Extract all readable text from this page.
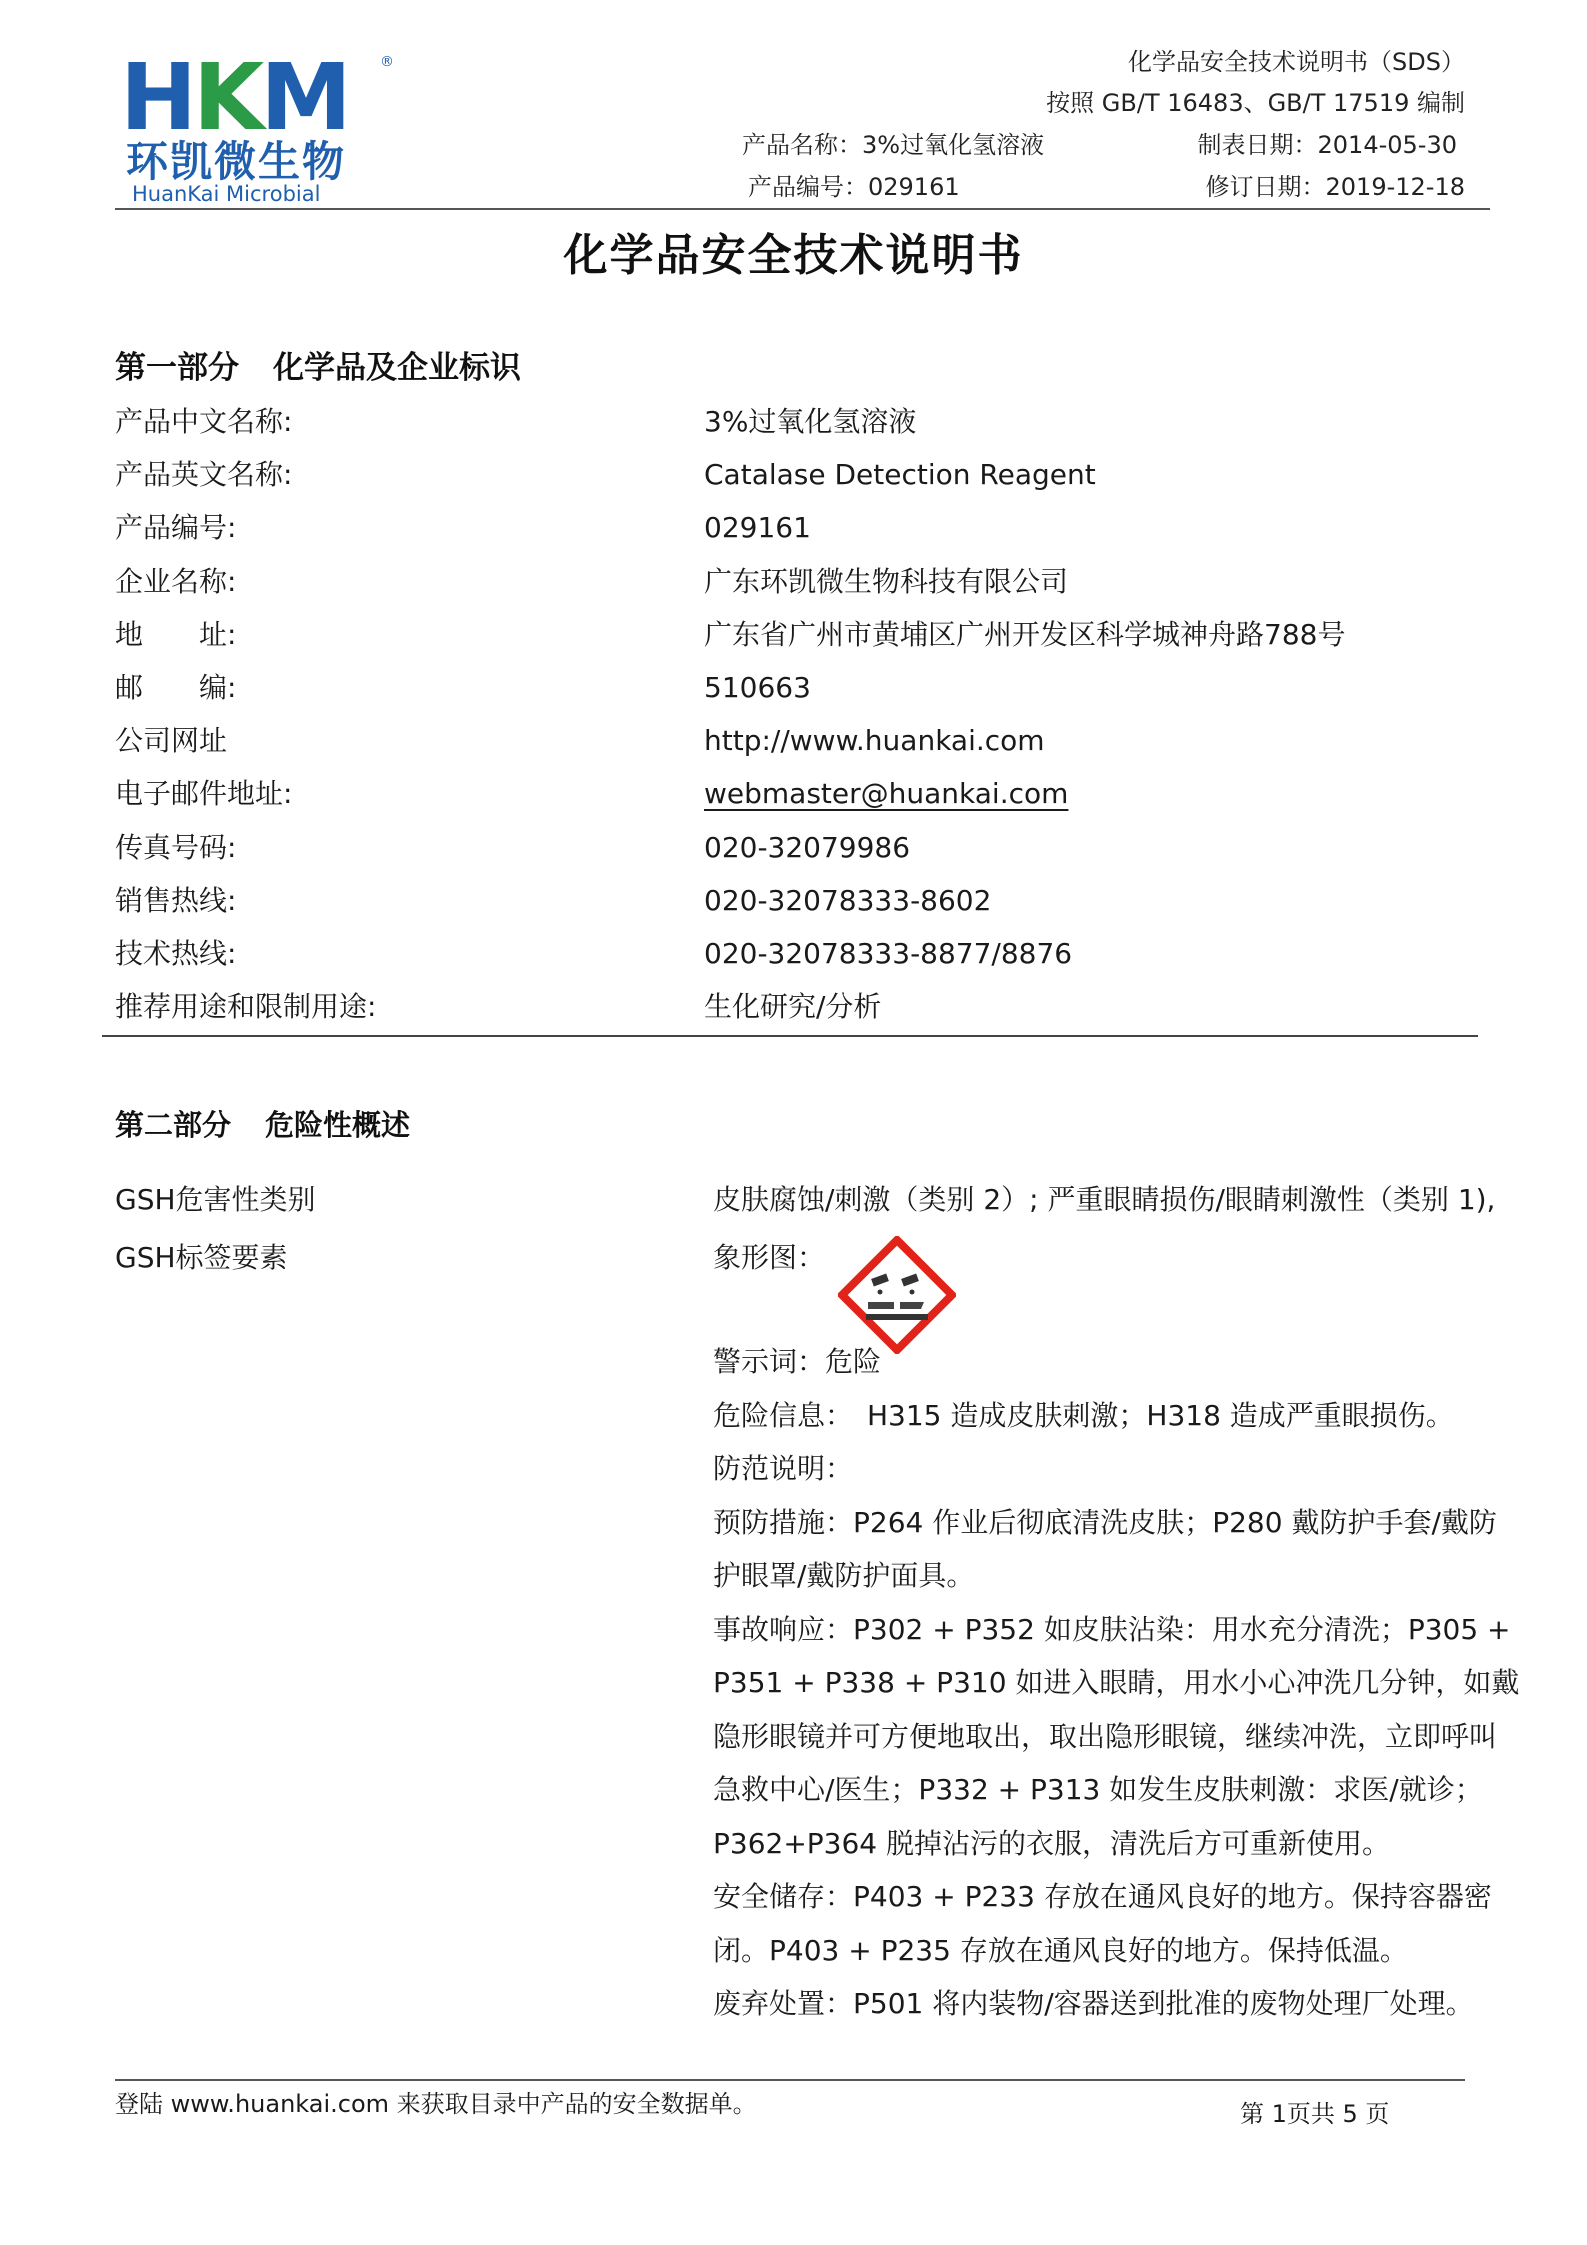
HKM ®
环凯微生物
HuanKai Microbial
化学品安全技术说明书（SDS）
按照 GB/T 16483、GB/T 17519 编制
产品名称：3%过氧化氢溶液
产品编号：029161
制表日期：2014-05-30
修订日期：2019-12-18
化学品安全技术说明书
第一部分 化学品及企业标识
产品中文名称:	3%过氧化氢溶液
产品英文名称:	Catalase Detection Reagent
产品编号:	029161
企业名称:	广东环凯微生物科技有限公司
地　　址:	广东省广州市黄埔区广州开发区科学城神舟路788号
邮　　编:	510663
公司网址	http://www.huankai.com
电子邮件地址:	webmaster@huankai.com
传真号码:	020-32079986
销售热线:	020-32078333-8602
技术热线:	020-32078333-8877/8876
推荐用途和限制用途:	生化研究/分析
第二部分 危险性概述
GSH危害性类别	皮肤腐蚀/刺激（类别 2）; 严重眼睛损伤/眼睛刺激性（类别 1),
GSH标签要素	象形图：
警示词：危险
危险信息：　H315 造成皮肤刺激；H318 造成严重眼损伤。
防范说明：
预防措施：P264 作业后彻底清洗皮肤；P280 戴防护手套/戴防
护眼罩/戴防护面具。
事故响应：P302 + P352 如皮肤沾染：用水充分清洗；P305 +
P351 + P338 + P310 如进入眼睛，用水小心冲洗几分钟，如戴
隐形眼镜并可方便地取出，取出隐形眼镜，继续冲洗，立即呼叫
急救中心/医生；P332 + P313 如发生皮肤刺激：求医/就诊；
P362+P364 脱掉沾污的衣服，清洗后方可重新使用。
安全储存：P403 + P233 存放在通风良好的地方。保持容器密
闭。P403 + P235 存放在通风良好的地方。保持低温。
废弃处置：P501 将内装物/容器送到批准的废物处理厂处理。
登陆 www.huankai.com 来获取目录中产品的安全数据单。	第 1页共 5 页
